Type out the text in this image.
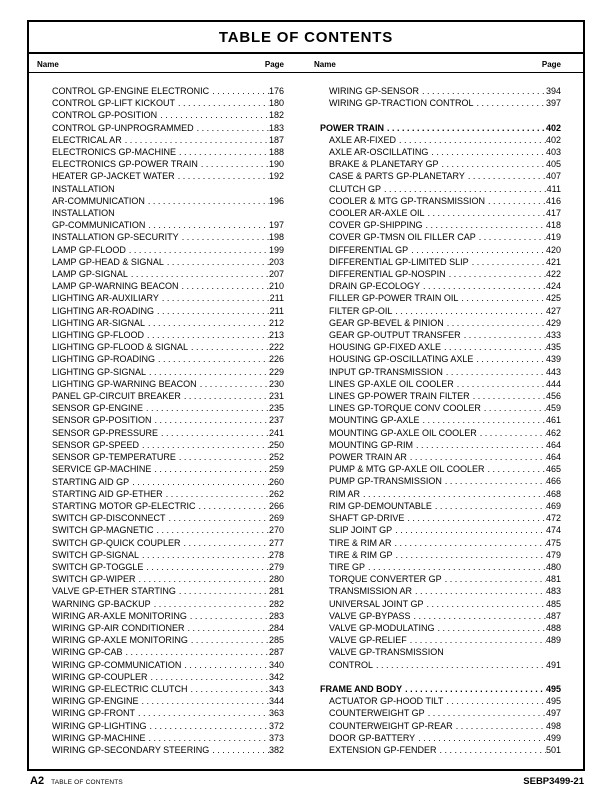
TABLE OF CONTENTS
Name	Page	Name	Page
CONTROL GP-ENGINE ELECTRONIC . . .	176
CONTROL GP-LIFT KICKOUT . . .	180
CONTROL GP-POSITION . . .	182
CONTROL GP-UNPROGRAMMED . . .	183
ELECTRICAL AR . . .	187
ELECTRONICS GP-MACHINE . . .	188
ELECTRONICS GP-POWER TRAIN . . .	190
HEATER GP-JACKET WATER . . .	192
INSTALLATION
AR-COMMUNICATION . . .	196
INSTALLATION
GP-COMMUNICATION . . .	197
INSTALLATION GP-SECURITY . . .	198
LAMP GP-FLOOD . . .	199
LAMP GP-HEAD & SIGNAL . . .	203
LAMP GP-SIGNAL . . .	207
LAMP GP-WARNING BEACON . . .	210
LIGHTING AR-AUXILIARY . . .	211
LIGHTING AR-ROADING . . .	211
LIGHTING AR-SIGNAL . . .	212
LIGHTING GP-FLOOD . . .	213
LIGHTING GP-FLOOD & SIGNAL . . .	222
LIGHTING GP-ROADING . . .	226
LIGHTING GP-SIGNAL . . .	229
LIGHTING GP-WARNING BEACON . . .	230
PANEL GP-CIRCUIT BREAKER . . .	231
SENSOR GP-ENGINE . . .	235
SENSOR GP-POSITION . . .	237
SENSOR GP-PRESSURE . . .	241
SENSOR GP-SPEED . . .	250
SENSOR GP-TEMPERATURE . . .	252
SERVICE GP-MACHINE . . .	259
STARTING AID GP . . .	260
STARTING AID GP-ETHER . . .	262
STARTING MOTOR GP-ELECTRIC . . .	266
SWITCH GP-DISCONNECT . . .	269
SWITCH GP-MAGNETIC . . .	270
SWITCH GP-QUICK COUPLER . . .	277
SWITCH GP-SIGNAL . . .	278
SWITCH GP-TOGGLE . . .	279
SWITCH GP-WIPER . . .	280
VALVE GP-ETHER STARTING . . .	281
WARNING GP-BACKUP . . .	282
WIRING AR-AXLE MONITORING . . .	283
WIRING GP-AIR CONDITIONER . . .	284
WIRING GP-AXLE MONITORING . . .	285
WIRING GP-CAB . . .	287
WIRING GP-COMMUNICATION . . .	340
WIRING GP-COUPLER . . .	342
WIRING GP-ELECTRIC CLUTCH . . .	343
WIRING GP-ENGINE . . .	344
WIRING GP-FRONT . . .	363
WIRING GP-LIGHTING . . .	372
WIRING GP-MACHINE . . .	373
WIRING GP-SECONDARY STEERING . . .	382
WIRING GP-SENSOR . . .	394
WIRING GP-TRACTION CONTROL . . .	397
POWER TRAIN . . .	402
AXLE AR-FIXED . . .	402
AXLE AR-OSCILLATING . . .	403
BRAKE & PLANETARY GP . . .	405
CASE & PARTS GP-PLANETARY . . .	407
CLUTCH GP . . .	411
COOLER & MTG GP-TRANSMISSION . . .	416
COOLER AR-AXLE OIL . . .	417
COVER GP-SHIPPING . . .	418
COVER GP-TMSN OIL FILLER CAP . . .	419
DIFFERENTIAL GP . . .	420
DIFFERENTIAL GP-LIMITED SLIP . . .	421
DIFFERENTIAL GP-NOSPIN . . .	422
DRAIN GP-ECOLOGY . . .	424
FILLER GP-POWER TRAIN OIL . . .	425
FILTER GP-OIL . . .	427
GEAR GP-BEVEL & PINION . . .	429
GEAR GP-OUTPUT TRANSFER . . .	433
HOUSING GP-FIXED AXLE . . .	435
HOUSING GP-OSCILLATING AXLE . . .	439
INPUT GP-TRANSMISSION . . .	443
LINES GP-AXLE OIL COOLER . . .	444
LINES GP-POWER TRAIN FILTER . . .	456
LINES GP-TORQUE CONV COOLER . . .	459
MOUNTING GP-AXLE . . .	461
MOUNTING GP-AXLE OIL COOLER . . .	462
MOUNTING GP-RIM . . .	464
POWER TRAIN AR . . .	464
PUMP & MTG GP-AXLE OIL COOLER . . .	465
PUMP GP-TRANSMISSION . . .	466
RIM AR . . .	468
RIM GP-DEMOUNTABLE . . .	469
SHAFT GP-DRIVE . . .	472
SLIP JOINT GP . . .	474
TIRE & RIM AR . . .	475
TIRE & RIM GP . . .	479
TIRE GP . . .	480
TORQUE CONVERTER GP . . .	481
TRANSMISSION AR . . .	483
UNIVERSAL JOINT GP . . .	485
VALVE GP-BYPASS . . .	487
VALVE GP-MODULATING . . .	488
VALVE GP-RELIEF . . .	489
VALVE GP-TRANSMISSION
CONTROL . . .	491
FRAME AND BODY . . .	495
ACTUATOR GP-HOOD TILT . . .	495
COUNTERWEIGHT GP . . .	497
COUNTERWEIGHT GP-REAR . . .	498
DOOR GP-BATTERY . . .	499
EXTENSION GP-FENDER . . .	501
A2 TABLE OF CONTENTS	SEBP3499-21
